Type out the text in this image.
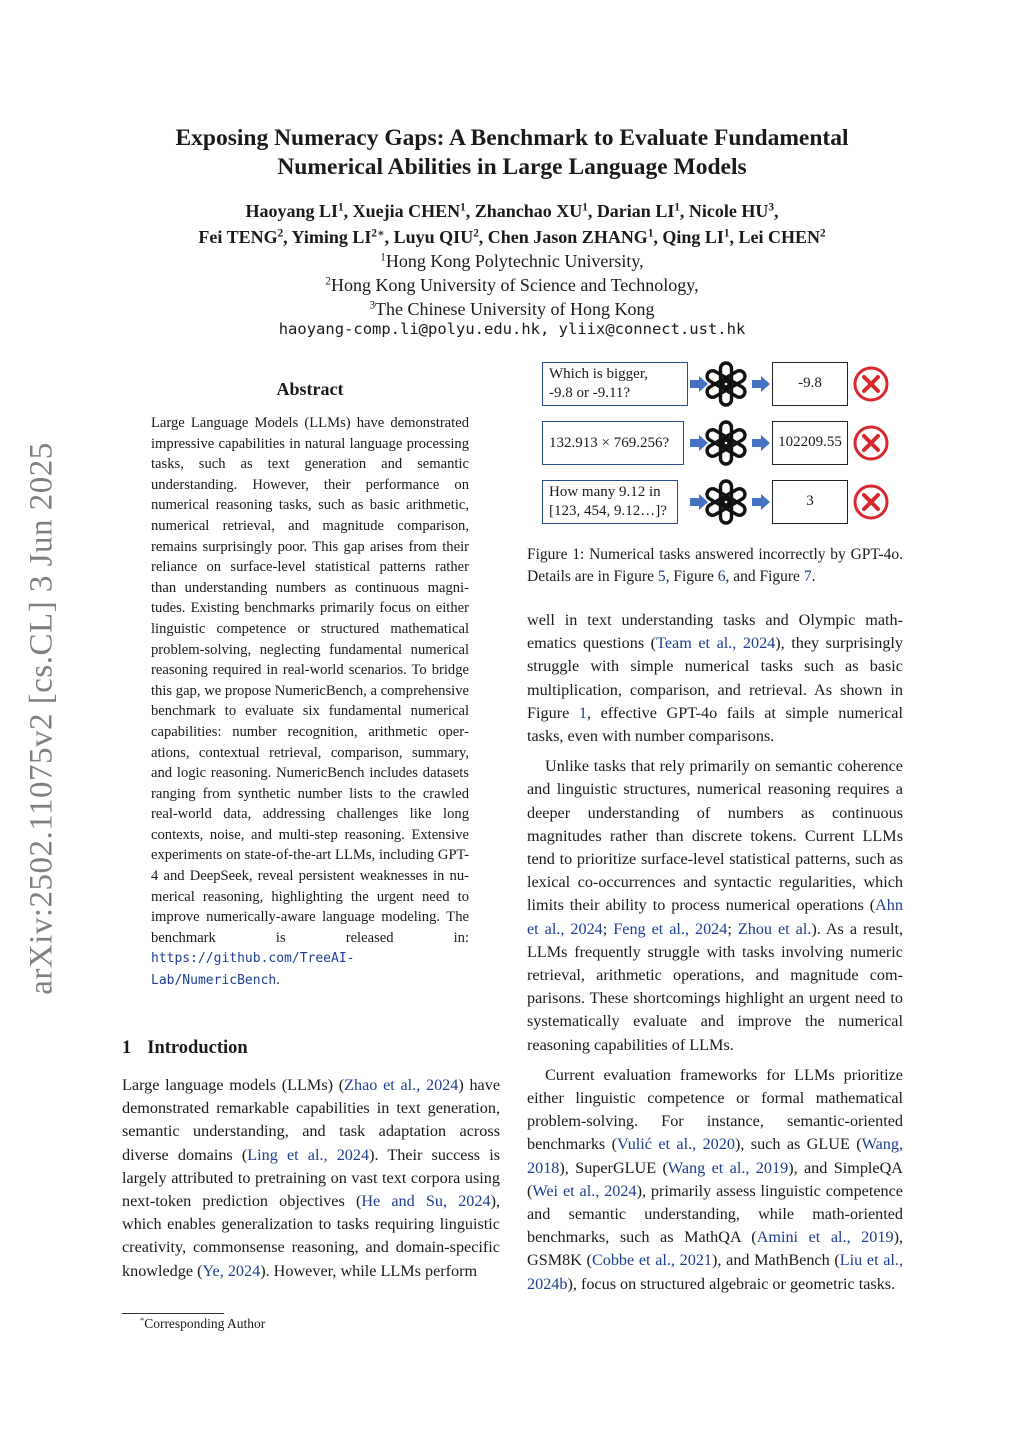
arXiv:2502.11075v2 [cs.CL] 3 Jun 2025
Exposing Numeracy Gaps: A Benchmark to Evaluate Fundamental
Numerical Abilities in Large Language Models
Haoyang $LI^1$, Xuejia CHEN$^1$, Zhanchao $XU^1$, Darian $LI^1$, Nicole $HU^3$,
Fei TENG$^2$, Yiming $LI^{2∗}$, Luyu QIU$^2$, Chen Jason ZHANG$^1$, Qing $LI^1$, Lei CHEN$^2$
$^1$Hong Kong Polytechnic University,
$^2$Hong Kong University of Science and Technology,
$^3$The Chinese University of Hong Kong
haoyang-comp.li@polyu.edu.hk, yliix@connect.ust.hk
Abstract
Large Language Models (LLMs) have demonstrated impressive capabilities in natural language processing tasks, such as text generation and semantic understanding. However, their performance on numerical reasoning tasks, such as basic arithmetic, numerical retrieval, and magnitude comparison, remains surprisingly poor. This gap arises from their reliance on surface-level statistical patterns rather than understanding numbers as continuous magnitudes. Existing benchmarks primarily focus on either linguistic competence or structured mathematical problem-solving, neglecting fundamental numerical reasoning required in real-world scenarios. To bridge this gap, we propose NumericBench, a comprehensive benchmark to evaluate six fundamental numerical capabilities: number recognition, arithmetic operations, contextual retrieval, comparison, summary, and logic reasoning. NumericBench includes datasets ranging from synthetic number lists to the crawled real-world data, addressing challenges like long contexts, noise, and multi-step reasoning. Extensive experiments on state-of-the-art LLMs, including GPT-4 and DeepSeek, reveal persistent weaknesses in numerical reasoning, highlighting the urgent need to improve numerically-aware language modeling. The benchmark is released in: https://github.com/TreeAI-Lab/NumericBench.
1 Introduction
Large language models (LLMs) (Zhao et al., 2024) have demonstrated remarkable capabilities in text generation, semantic understanding, and task adaptation across diverse domains (Ling et al., 2024). Their success is largely attributed to pretraining on vast text corpora using next-token prediction objectives (He and Su, 2024), which enables generalization to tasks requiring linguistic creativity, commonsense reasoning, and domain-specific knowledge (Ye, 2024). However, while LLMs perform
*Corresponding Author
Which is bigger,
-9.8 or -9.11?
-9.8
132.913 × 769.256?	102209.55
How many 9.12 in
[123, 454, 9.12…]?
3
Figure 1: Numerical tasks answered incorrectly by GPT-4o. Details are in Figure 5, Figure 6, and Figure 7.

well in text understanding tasks and Olympic mathematics questions (Team et al., 2024), they surprisingly struggle with simple numerical tasks such as basic multiplication, comparison, and retrieval. As shown in Figure 1, effective GPT-4o fails at simple numerical tasks, even with number comparisons.

Unlike tasks that rely primarily on semantic coherence and linguistic structures, numerical reasoning requires a deeper understanding of numbers as continuous magnitudes rather than discrete tokens. Current LLMs tend to prioritize surface-level statistical patterns, such as lexical co-occurrences and syntactic regularities, which limits their ability to process numerical operations (Ahn et al., 2024; Feng et al., 2024; Zhou et al.). As a result, LLMs frequently struggle with tasks involving numeric retrieval, arithmetic operations, and magnitude comparisons. These shortcomings highlight an urgent need to systematically evaluate and improve the numerical reasoning capabilities of LLMs.

Current evaluation frameworks for LLMs prioritize either linguistic competence or formal mathematical problem-solving. For instance, semantic-oriented benchmarks (Vulić et al., 2020), such as GLUE (Wang, 2018), SuperGLUE (Wang et al., 2019), and SimpleQA (Wei et al., 2024), primarily assess linguistic competence and semantic understanding, while math-oriented benchmarks, such as MathQA (Amini et al., 2019), GSM8K (Cobbe et al., 2021), and MathBench (Liu et al., 2024b), focus on structured algebraic or geometric tasks.
